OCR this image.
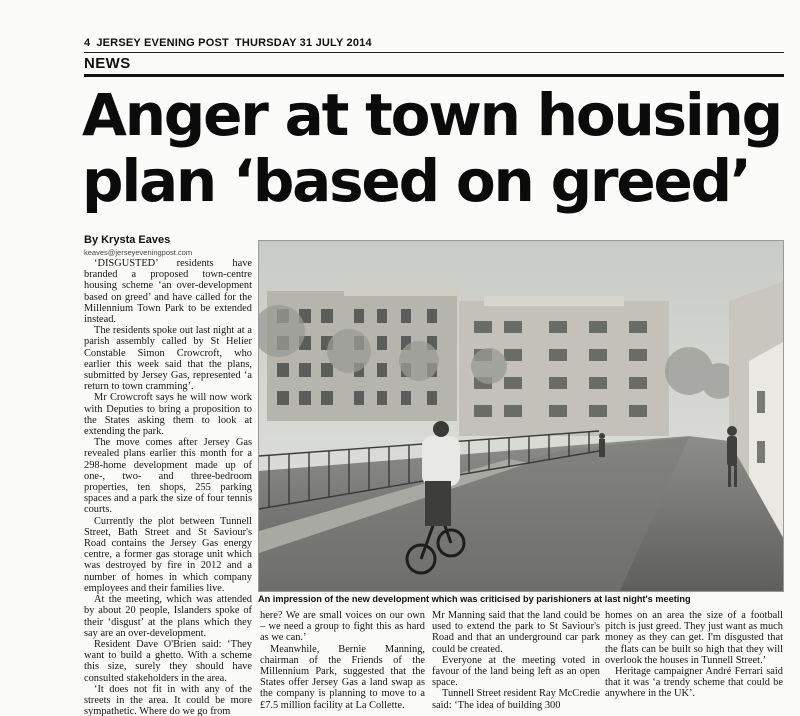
4 JERSEY EVENING POST THURSDAY 31 JULY 2014
NEWS
Anger at town housing
plan ‘based on greed’
By Krysta Eaves
keaves@jerseyeveningpost.com

‘DISGUSTED’ residents have branded a proposed town-centre housing scheme ‘an over-development based on greed’ and have called for the Millennium Town Park to be extended instead.

The residents spoke out last night at a parish assembly called by St Helier Constable Simon Crowcroft, who earlier this week said that the plans, submitted by Jersey Gas, represented ‘a return to town cramming’.

Mr Crowcroft says he will now work with Deputies to bring a proposition to the States asking them to look at extending the park.

The move comes after Jersey Gas revealed plans earlier this month for a 298-home development made up of one-, two- and three-bedroom properties, ten shops, 255 parking spaces and a park the size of four tennis courts.

Currently the plot between Tunnell Street, Bath Street and St Saviour's Road contains the Jersey Gas energy centre, a former gas storage unit which was destroyed by fire in 2012 and a number of homes in which company employees and their families live.

At the meeting, which was attended by about 20 people, Islanders spoke of their ‘disgust’ at the plans which they say are an over-development.

Resident Dave O'Brien said: ‘They want to build a ghetto. With a scheme this size, surely they should have consulted stakeholders in the area.

‘It does not fit in with any of the streets in the area. It could be more sympathetic. Where do we go from

An impression of the new development which was criticised by parishioners at last night's meeting

here? We are small voices on our own – we need a group to fight this as hard as we can.’

Meanwhile, Bernie Manning, chairman of the Friends of the Millennium Park, suggested that the States offer Jersey Gas a land swap as the company is planning to move to a £7.5 million facility at La Collette.

Mr Manning said that the land could be used to extend the park to St Saviour's Road and that an underground car park could be created.

Everyone at the meeting voted in favour of the land being left as an open space.

Tunnell Street resident Ray McCredie said: ‘The idea of building 300

homes on an area the size of a football pitch is just greed. They just want as much money as they can get. I'm disgusted that the flats can be built so high that they will overlook the houses in Tunnell Street.’

Heritage campaigner André Ferrari said that it was ‘a trendy scheme that could be anywhere in the UK’.
